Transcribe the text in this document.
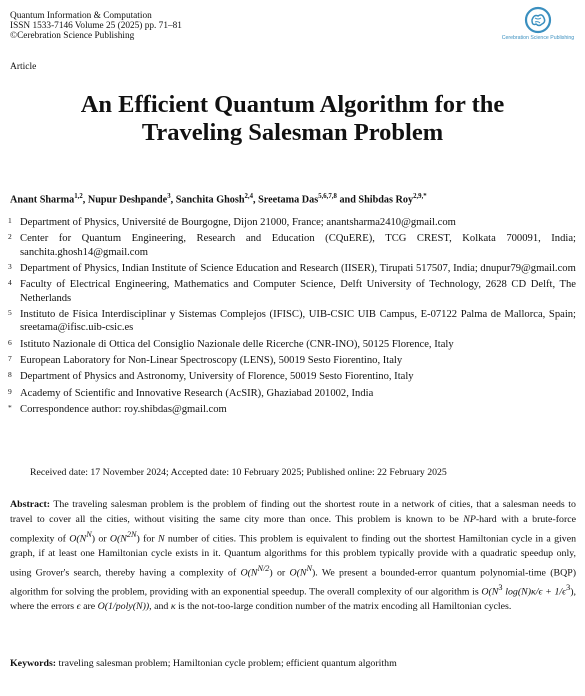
Quantum Information & Computation
ISSN 1533-7146 Volume 25 (2025) pp. 71–81
©Cerebration Science Publishing	Cerebration Science Publishing
Article
An Efficient Quantum Algorithm for the
Traveling Salesman Problem
Anant Sharma$^{1,2}$, Nupur Deshpande$^3$, Sanchita Ghosh$^{2,4}$, Sreetama Das$^{5,6,7,8}$ and Shibdas Roy$^{2,9,*}$
1 Department of Physics, Université de Bourgogne, Dijon 21000, France; anantsharma2410@gmail.com
2 Center for Quantum Engineering, Research and Education (CQuERE), TCG CREST, Kolkata 700091, India; sanchita.ghosh14@gmail.com
3 Department of Physics, Indian Institute of Science Education and Research (IISER), Tirupati 517507, India; dnupur79@gmail.com
4 Faculty of Electrical Engineering, Mathematics and Computer Science, Delft University of Technology, 2628 CD Delft, The Netherlands
5 Instituto de Física Interdisciplinar y Sistemas Complejos (IFISC), UIB-CSIC UIB Campus, E-07122 Palma de Mallorca, Spain; sreetama@ifisc.uib-csic.es
6 Istituto Nazionale di Ottica del Consiglio Nazionale delle Ricerche (CNR-INO), 50125 Florence, Italy
7 European Laboratory for Non-Linear Spectroscopy (LENS), 50019 Sesto Fiorentino, Italy
8 Department of Physics and Astronomy, University of Florence, 50019 Sesto Fiorentino, Italy
9 Academy of Scientific and Innovative Research (AcSIR), Ghaziabad 201002, India
* Correspondence author: roy.shibdas@gmail.com
Received date: 17 November 2024; Accepted date: 10 February 2025; Published online: 22 February 2025
Abstract: The traveling salesman problem is the problem of finding out the shortest route in a network of cities, that a salesman needs to travel to cover all the cities, without visiting the same city more than once. This problem is known to be NP-hard with a brute-force complexity of $O(N^N)$ or $O(N^{2N})$ for N number of cities. This problem is equivalent to finding out the shortest Hamiltonian cycle in a given graph, if at least one Hamiltonian cycle exists in it. Quantum algorithms for this problem typically provide with a quadratic speedup only, using Grover's search, thereby having a complexity of $O(N^{N/2})$ or $O(N^N)$. We present a bounded-error quantum polynomial-time (BQP) algorithm for solving the problem, providing with an exponential speedup. The overall complexity of our algorithm is $O(N^3$ $\log(N)\kappa/\epsilon + 1/\epsilon^3$), where the errors ϵ are O(1/poly(N)), and κ is the not-too-large condition number of the matrix encoding all Hamiltonian cycles.
Keywords: traveling salesman problem; Hamiltonian cycle problem; efficient quantum algorithm
